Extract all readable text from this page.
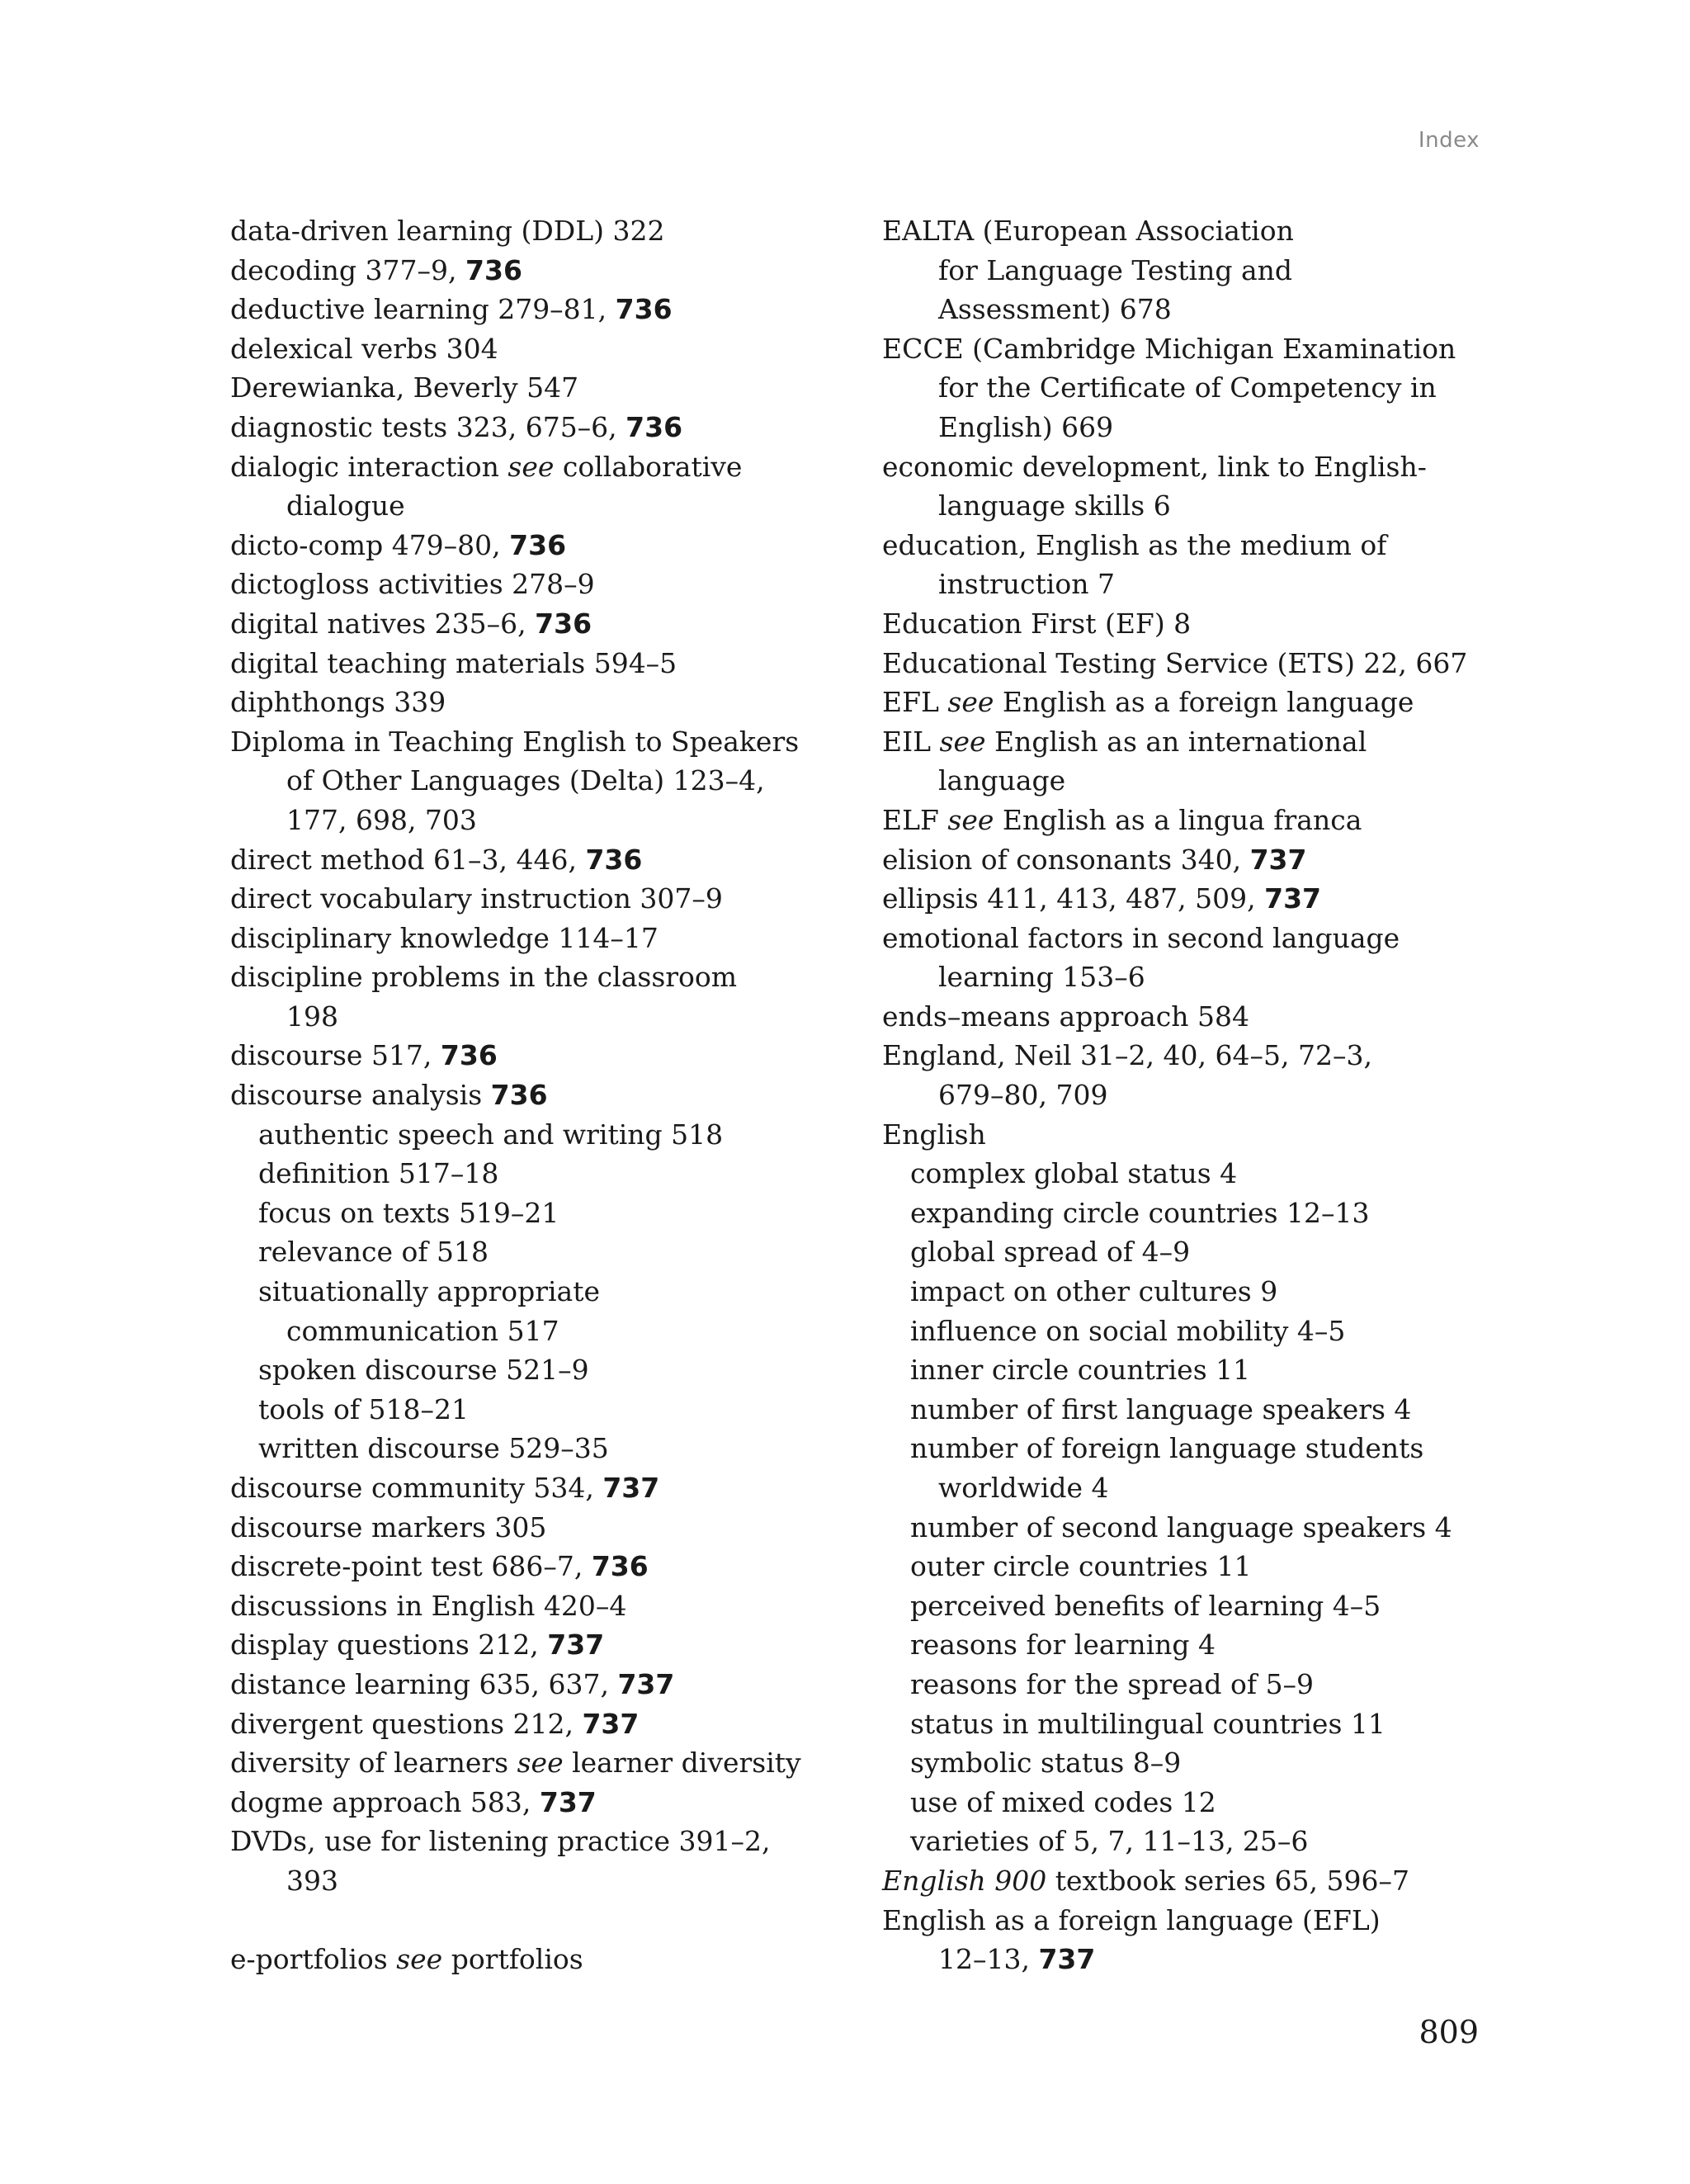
Index
data-driven learning (DDL) 322
decoding 377–9, 736
deductive learning 279–81, 736
delexical verbs 304
Derewianka, Beverly 547
diagnostic tests 323, 675–6, 736
dialogic interaction see collaborative
dialogue
dicto-comp 479–80, 736
dictogloss activities 278–9
digital natives 235–6, 736
digital teaching materials 594–5
diphthongs 339
Diploma in Teaching English to Speakers
of Other Languages (Delta) 123–4,
177, 698, 703
direct method 61–3, 446, 736
direct vocabulary instruction 307–9
disciplinary knowledge 114–17
discipline problems in the classroom
198
discourse 517, 736
discourse analysis 736
authentic speech and writing 518
definition 517–18
focus on texts 519–21
relevance of 518
situationally appropriate
communication 517
spoken discourse 521–9
tools of 518–21
written discourse 529–35
discourse community 534, 737
discourse markers 305
discrete-point test 686–7, 736
discussions in English 420–4
display questions 212, 737
distance learning 635, 637, 737
divergent questions 212, 737
diversity of learners see learner diversity
dogme approach 583, 737
DVDs, use for listening practice 391–2,
393
e-portfolios see portfolios
EALTA (European Association
for Language Testing and
Assessment) 678
ECCE (Cambridge Michigan Examination
for the Certificate of Competency in
English) 669
economic development, link to English-
language skills 6
education, English as the medium of
instruction 7
Education First (EF) 8
Educational Testing Service (ETS) 22, 667
EFL see English as a foreign language
EIL see English as an international
language
ELF see English as a lingua franca
elision of consonants 340, 737
ellipsis 411, 413, 487, 509, 737
emotional factors in second language
learning 153–6
ends–means approach 584
England, Neil 31–2, 40, 64–5, 72–3,
679–80, 709
English
complex global status 4
expanding circle countries 12–13
global spread of 4–9
impact on other cultures 9
influence on social mobility 4–5
inner circle countries 11
number of first language speakers 4
number of foreign language students
worldwide 4
number of second language speakers 4
outer circle countries 11
perceived benefits of learning 4–5
reasons for learning 4
reasons for the spread of 5–9
status in multilingual countries 11
symbolic status 8–9
use of mixed codes 12
varieties of 5, 7, 11–13, 25–6
English 900 textbook series 65, 596–7
English as a foreign language (EFL)
12–13, 737
809
